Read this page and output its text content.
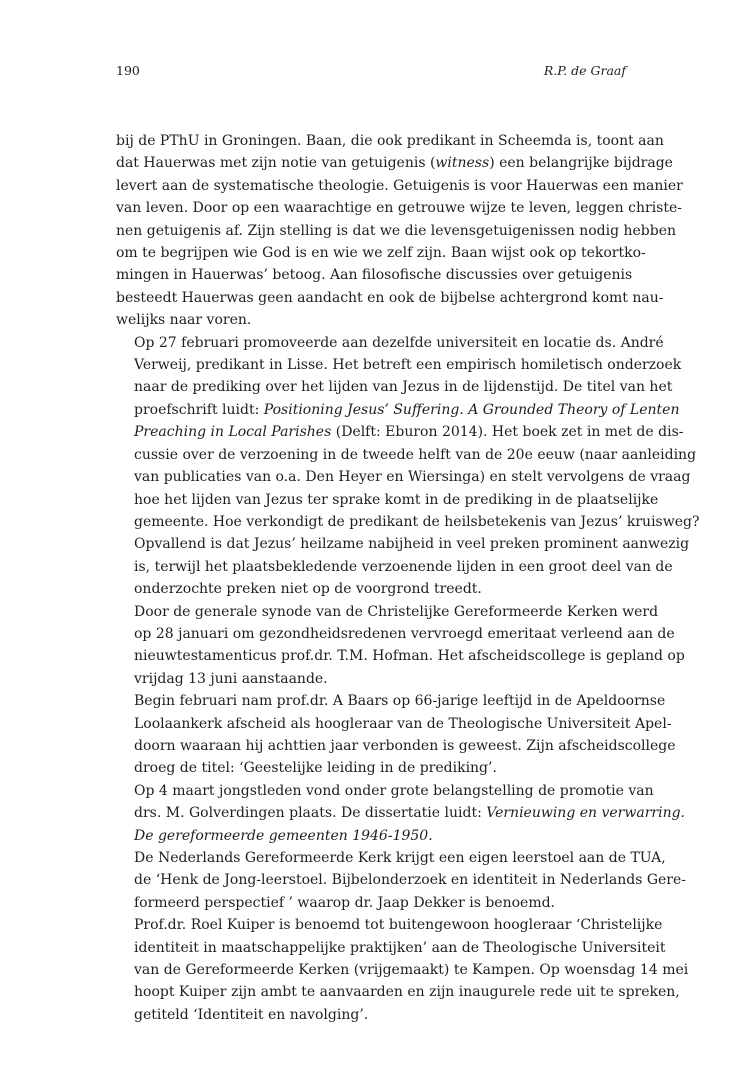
190	R.P. de Graaf

bij de PThU in Groningen. Baan, die ook predikant in Scheemda is, toont aan
dat Hauerwas met zijn notie van getuigenis (witness) een belangrijke bijdrage
levert aan de systematische theologie. Getuigenis is voor Hauerwas een manier
van leven. Door op een waarachtige en getrouwe wijze te leven, leggen christe-
nen getuigenis af. Zijn stelling is dat we die levensgetuigenissen nodig hebben
om te begrijpen wie God is en wie we zelf zijn. Baan wijst ook op tekortko-
mingen in Hauerwas’ betoog. Aan filosofische discussies over getuigenis
besteedt Hauerwas geen aandacht en ook de bijbelse achtergrond komt nau-
welijks naar voren.

Op 27 februari promoveerde aan dezelfde universiteit en locatie ds. André
Verweij, predikant in Lisse. Het betreft een empirisch homiletisch onderzoek
naar de prediking over het lijden van Jezus in de lijdenstijd. De titel van het
proefschrift luidt: Positioning Jesus’ Suffering. A Grounded Theory of Lenten
Preaching in Local Parishes (Delft: Eburon 2014). Het boek zet in met de dis-
cussie over de verzoening in de tweede helft van de 20e eeuw (naar aanleiding
van publicaties van o.a. Den Heyer en Wiersinga) en stelt vervolgens de vraag
hoe het lijden van Jezus ter sprake komt in de prediking in de plaatselijke
gemeente. Hoe verkondigt de predikant de heilsbetekenis van Jezus’ kruisweg?
Opvallend is dat Jezus’ heilzame nabijheid in veel preken prominent aanwezig
is, terwijl het plaatsbekledende verzoenende lijden in een groot deel van de
onderzochte preken niet op de voorgrond treedt.

Door de generale synode van de Christelijke Gereformeerde Kerken werd
op 28 januari om gezondheidsredenen vervroegd emeritaat verleend aan de
nieuwtestamenticus prof.dr. T.M. Hofman. Het afscheidscollege is gepland op
vrijdag 13 juni aanstaande.

Begin februari nam prof.dr. A Baars op 66-jarige leeftijd in de Apeldoornse
Loolaankerk afscheid als hoogleraar van de Theologische Universiteit Apel-
doorn waaraan hij achttien jaar verbonden is geweest. Zijn afscheidscollege
droeg de titel: ‘Geestelijke leiding in de prediking’.

Op 4 maart jongstleden vond onder grote belangstelling de promotie van
drs. M. Golverdingen plaats. De dissertatie luidt: Vernieuwing en verwarring.
De gereformeerde gemeenten 1946-1950.

De Nederlands Gereformeerde Kerk krijgt een eigen leerstoel aan de TUA,
de ‘Henk de Jong-leerstoel. Bijbelonderzoek en identiteit in Nederlands Gere-
formeerd perspectief ’ waarop dr. Jaap Dekker is benoemd.

Prof.dr. Roel Kuiper is benoemd tot buitengewoon hoogleraar ‘Christelijke
identiteit in maatschappelijke praktijken’ aan de Theologische Universiteit
van de Gereformeerde Kerken (vrijgemaakt) te Kampen. Op woensdag 14 mei
hoopt Kuiper zijn ambt te aanvaarden en zijn inaugurele rede uit te spreken,
getiteld ‘Identiteit en navolging’.
